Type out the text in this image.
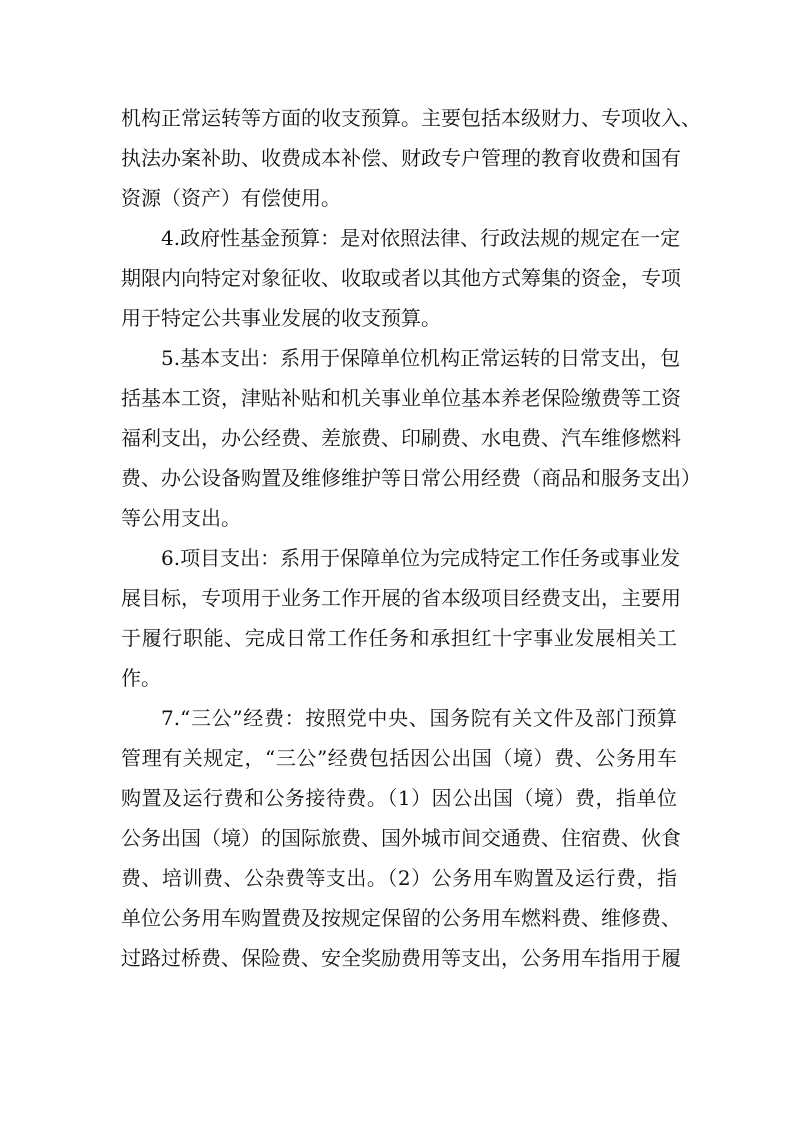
机构正常运转等方面的收支预算。主要包括本级财力、专项收入、
执法办案补助、收费成本补偿、财政专户管理的教育收费和国有
资源（资产）有偿使用。
4.政府性基金预算：是对依照法律、行政法规的规定在一定
期限内向特定对象征收、收取或者以其他方式筹集的资金，专项
用于特定公共事业发展的收支预算。
5.基本支出：系用于保障单位机构正常运转的日常支出，包
括基本工资，津贴补贴和机关事业单位基本养老保险缴费等工资
福利支出，办公经费、差旅费、印刷费、水电费、汽车维修燃料
费、办公设备购置及维修维护等日常公用经费（商品和服务支出）
等公用支出。
6.项目支出：系用于保障单位为完成特定工作任务或事业发
展目标，专项用于业务工作开展的省本级项目经费支出，主要用
于履行职能、完成日常工作任务和承担红十字事业发展相关工
作。
7.“三公”经费：按照党中央、国务院有关文件及部门预算
管理有关规定，“三公”经费包括因公出国（境）费、公务用车
购置及运行费和公务接待费。（1）因公出国（境）费，指单位
公务出国（境）的国际旅费、国外城市间交通费、住宿费、伙食
费、培训费、公杂费等支出。（2）公务用车购置及运行费，指
单位公务用车购置费及按规定保留的公务用车燃料费、维修费、
过路过桥费、保险费、安全奖励费用等支出，公务用车指用于履
